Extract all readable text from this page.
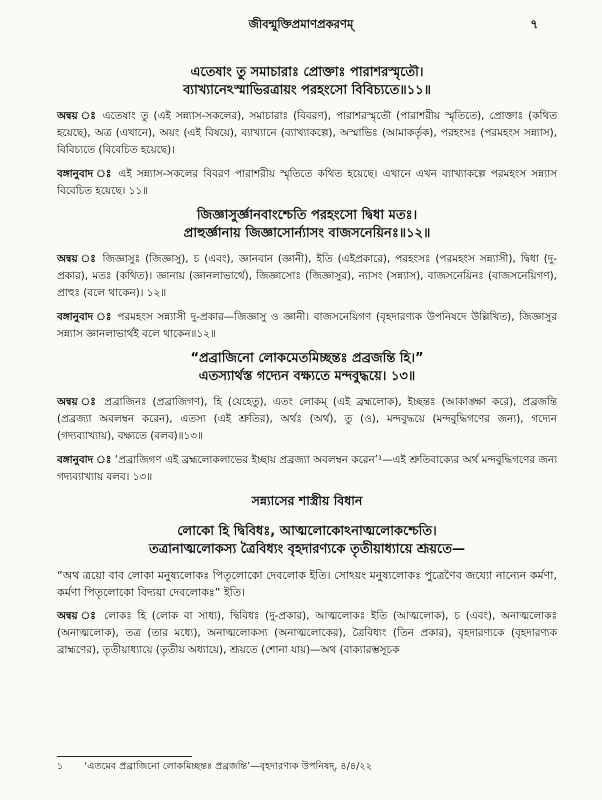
জীবন্মুক্তিপ্রমাণপ্রকরণম্	৭
এতেষাং তু সমাচারাঃ প্রোক্তাঃ পারাশরস্মৃতৌ।
ব্যাখ্যানেঽস্মাভিরত্রায়ং পরহংসো বিবিচ্যতে॥১১॥

অন্বয় ঃ এতেষাং তু (এই সন্ন্যাস-সকলের), সমাচারাঃ (বিবরণ), পারাশরস্মৃতৌ (পারাশরীয় স্মৃতিতে), প্রোক্তাঃ (কথিত হয়েছে), অত্র (এখানে), অয়ং (এই বিষয়ে), ব্যাখ্যানে (ব্যাখ্যাকল্পে), অস্মাভিঃ (আমাকর্তৃক), পরহংসঃ (পরমহংস সন্ন্যাস), বিবিচ্যতে (বিবেচিত হয়েছে)।

বঙ্গানুবাদ ঃ এই সন্ন্যাস-সকলের বিবরণ পারাশরীয় স্মৃতিতে কথিত হয়েছে। এখানে এখন ব্যাখ্যাকল্পে পরমহংস সন্ন্যাস বিবেচিত হয়েছে। ১১॥

জিজ্ঞাসুর্জ্ঞানবাংশ্চেতি পরহংসো দ্বিধা মতঃ।
প্রাহুর্জ্ঞানায় জিজ্ঞাসোর্ন্যাসং বাজসনেয়িনঃ॥১২॥

অন্বয় ঃ জিজ্ঞাসুঃ (জিজ্ঞাসু), চ (এবং), জ্ঞানবান (জ্ঞানী), ইতি (এইপ্রকারে), পরহংসঃ (পরমহংস সন্ন্যাসী), দ্বিধা (দু-প্রকার), মতঃ (কথিত)। জ্ঞানায় (জ্ঞানলাভার্থে), জিজ্ঞাসোঃ (জিজ্ঞাসুর), ন্যাসং (সন্ন্যাস), বাজসনেয়িনঃ (বাজসনেয়িগণ), প্রাহুঃ (বলে থাকেন)। ১২॥

বঙ্গানুবাদ ঃ পরমহংস সন্ন্যাসী দু-প্রকার—জিজ্ঞাসু ও জ্ঞানী। বাজসনেয়িগণ (বৃহদারণ্যক উপনিষদে উল্লিখিত), জিজ্ঞাসুর সন্ন্যাস জ্ঞানলাভার্থই বলে থাকেন॥১২॥

“প্রব্রাজিনো লোকমেতমিচ্ছন্তঃ প্রব্রজন্তি হি।”
এতস্যার্থস্ত গদ্যেন বক্ষ্যতে মন্দবুদ্ধয়ে। ১৩॥

অন্বয় ঃ প্রব্রাজিনঃ (প্রব্রাজিগণ), হি (যেহেতু), এতং লোকম্ (এই ব্রহ্মলোক), ইচ্ছন্তঃ (আকাঙ্ক্ষা করে), প্রব্রজন্তি (প্রব্রজ্যা অবলম্বন করেন), এতস্য (এই শ্রুতির), অর্থঃ (অর্থ), তু (ও), মন্দবুদ্ধয়ে (মন্দবুদ্ধিগণের জন্য), গদ্যেন (গদ্যব্যাখ্যায়), বক্ষ্যতে (বলব)॥১৩॥

বঙ্গানুবাদ ঃ ‘প্রব্রাজিগণ এই ব্রহ্মলোকলাভের ইচ্ছায় প্রব্রজ্যা অবলম্বন করেন’¹—এই শ্রুতিবাক্যের অর্থ মন্দবুদ্ধিগণের জন্য গদ্যব্যাখ্যায় বলব। ১৩॥

সন্ন্যাসের শাস্ত্রীয় বিধান
লোকো হি দ্বিবিধঃ, আত্মলোকোঽনাত্মলোকশ্চেতি।
তত্রানাত্মলোকস্য ত্রৈবিধ্যং বৃহদারণ্যকে তৃতীয়াধ্যায়ে শ্রূয়তে—

“অথ ত্রয়ো বাব লোকা মনুষ্যলোকঃ পিতৃলোকো দেবলোক ইতি। সোঽয়ং মনুষ্যলোকঃ পুত্রেণৈব জয্যো নান্যেন কর্মণা, কর্মণা পিতৃলোকো বিদ্যয়া দেবলোকঃ” ইতি।

অন্বয় ঃ লোকঃ হি (লোক বা সাধ্য), দ্বিবিধঃ (দু-প্রকার), আত্মলোকঃ ইতি (আত্মলোক), চ (এবং), অনাত্মলোকঃ (অনাত্মলোক), তত্র (তার মধ্যে), অনাত্মলোকস্য (অনাত্মলোকের), ত্রৈবিধ্যং (তিন প্রকার), বৃহদারণ্যকে (বৃহদারণ্যক ব্রাহ্মণের), তৃতীয়াধ্যায়ে (তৃতীয় অধ্যায়ে), শ্রূয়তে (শোনা যায়)—অথ (বাক্যারম্ভসূচক

১ ‘এতমেব প্রব্রাজিনো লোকমিচ্ছন্তঃ প্রব্রজন্তি’—বৃহদারণ্যক উপনিষদ্, ৪/৪/২২
